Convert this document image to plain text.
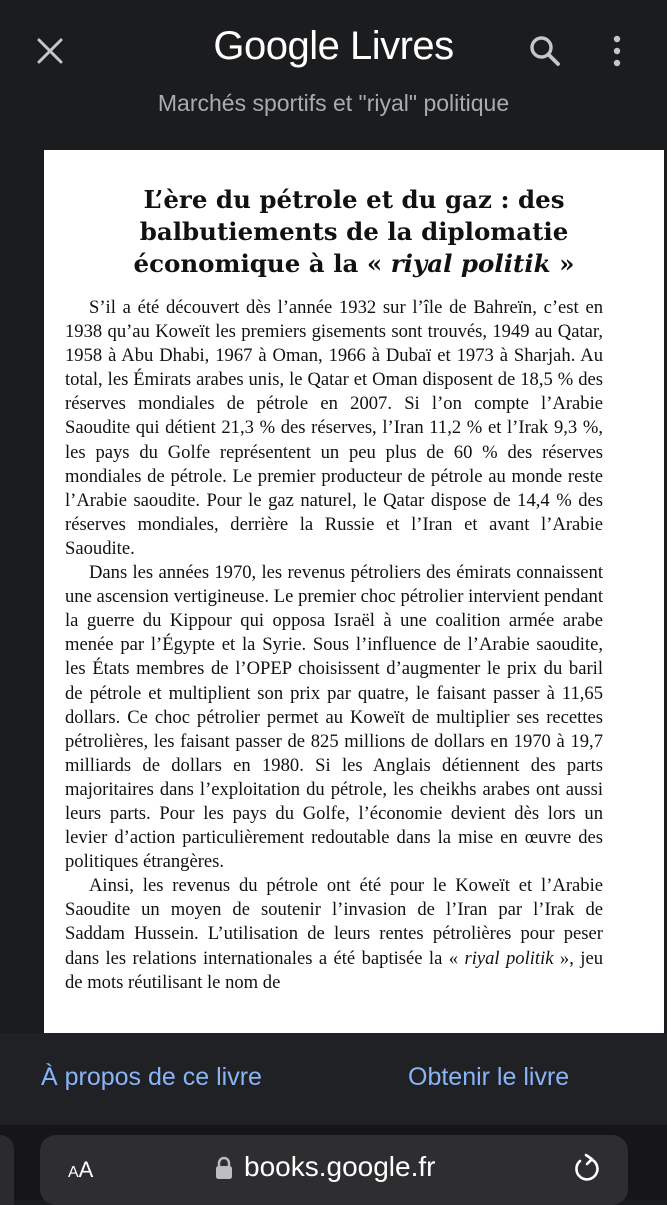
Google Livres
Marchés sportifs et "riyal" politique
L’ère du pétrole et du gaz : des balbutiements de la diplomatie économique à la « riyal politik »

S’il a été découvert dès l’année 1932 sur l’île de Bahreïn, c’est en 1938 qu’au Koweït les premiers gisements sont trouvés, 1949 au Qatar, 1958 à Abu Dhabi, 1967 à Oman, 1966 à Dubaï et 1973 à Sharjah. Au total, les Émirats arabes unis, le Qatar et Oman disposent de 18,5 % des réserves mondiales de pétrole en 2007. Si l’on compte l’Arabie Saoudite qui détient 21,3 % des réserves, l’Iran 11,2 % et l’Irak 9,3 %, les pays du Golfe représentent un peu plus de 60 % des réserves mondiales de pétrole. Le premier producteur de pétrole au monde reste l’Arabie saoudite. Pour le gaz naturel, le Qatar dispose de 14,4 % des réserves mondiales, derrière la Russie et l’Iran et avant l’Arabie Saoudite.

Dans les années 1970, les revenus pétroliers des émirats connaissent une ascension vertigineuse. Le premier choc pétrolier intervient pendant la guerre du Kippour qui opposa Israël à une coalition armée arabe menée par l’Égypte et la Syrie. Sous l’influence de l’Arabie saoudite, les États membres de l’OPEP choisissent d’augmenter le prix du baril de pétrole et multiplient son prix par quatre, le faisant passer à 11,65 dollars. Ce choc pétrolier permet au Koweït de multiplier ses recettes pétrolières, les faisant passer de 825 millions de dollars en 1970 à 19,7 milliards de dollars en 1980. Si les Anglais détiennent des parts majoritaires dans l’exploitation du pétrole, les cheikhs arabes ont aussi leurs parts. Pour les pays du Golfe, l’économie devient dès lors un levier d’action particulièrement redoutable dans la mise en œuvre des politiques étrangères.

Ainsi, les revenus du pétrole ont été pour le Koweït et l’Arabie Saoudite un moyen de soutenir l’invasion de l’Iran par l’Irak de Saddam Hussein. L’utilisation de leurs rentes pétrolières pour peser dans les relations internationales a été baptisée la « riyal politik », jeu de mots réutilisant le nom de

À propos de ce livre	Obtenir le livre
AA	books.google.fr
